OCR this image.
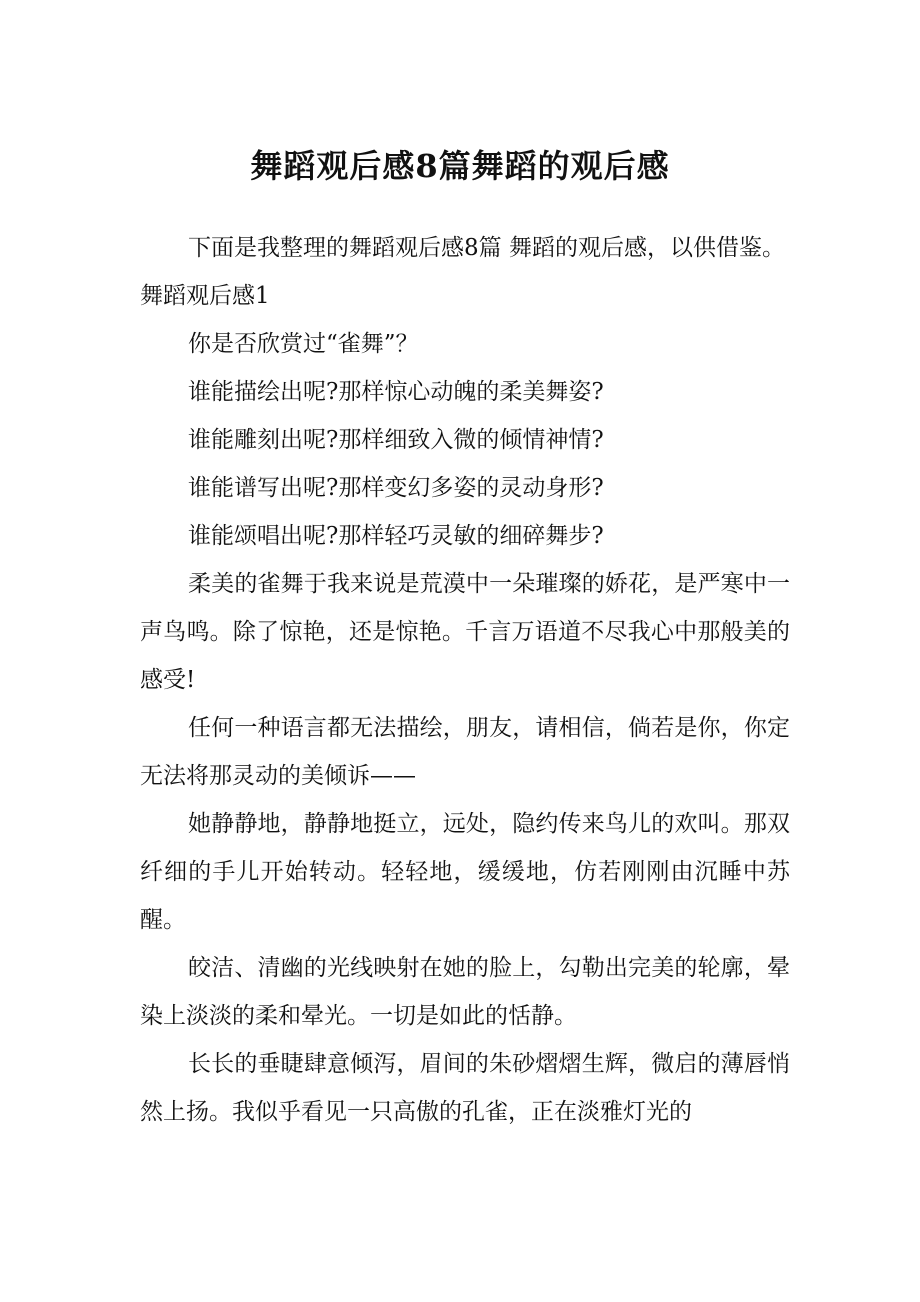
舞蹈观后感8篇舞蹈的观后感

下面是我整理的舞蹈观后感8篇 舞蹈的观后感，以供借鉴。

舞蹈观后感1

你是否欣赏过“雀舞”？

谁能描绘出呢?那样惊心动魄的柔美舞姿?

谁能雕刻出呢?那样细致入微的倾情神情?

谁能谱写出呢?那样变幻多姿的灵动身形?

谁能颂唱出呢?那样轻巧灵敏的细碎舞步?

柔美的雀舞于我来说是荒漠中一朵璀璨的娇花，是严寒中一声鸟鸣。除了惊艳，还是惊艳。千言万语道不尽我心中那般美的感受!

任何一种语言都无法描绘，朋友，请相信，倘若是你，你定无法将那灵动的美倾诉——

她静静地，静静地挺立，远处，隐约传来鸟儿的欢叫。那双纤细的手儿开始转动。轻轻地，缓缓地，仿若刚刚由沉睡中苏醒。

皎洁、清幽的光线映射在她的脸上，勾勒出完美的轮廓，晕染上淡淡的柔和晕光。一切是如此的恬静。

长长的垂睫肆意倾泻，眉间的朱砂熠熠生辉，微启的薄唇悄然上扬。我似乎看见一只高傲的孔雀，正在淡雅灯光的
